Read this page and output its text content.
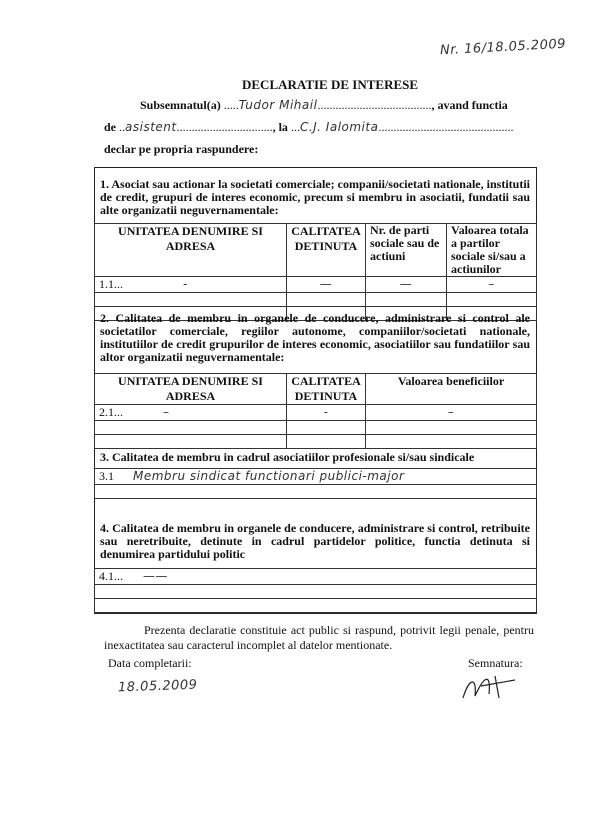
Nr. 16/18.05.2009
DECLARATIE DE INTERESE
Subsemnatul(a) .....Tudor Mihail......................................, avand functia
de ..asistent................................, la ...C.J. Ialomita.............................................
declar pe propria raspundere:
1. Asociat sau actionar la societati comerciale; companii/societati nationale, institutii de credit, grupuri de interes economic, precum si membru in asociatii, fundatii sau alte organizatii neguvernamentale:
UNITATEA DENUMIRE SI ADRESA	CALITATEA DETINUTA	Nr. de parti sociale sau de actiuni	Valoarea totala a partilor sociale si/sau a actiunilor
1.1... -	—	—	–

2. Calitatea de membru in organele de conducere, administrare si control ale societatilor comerciale, regiilor autonome, companiilor/societati nationale, institutiilor de credit grupurilor de interes economic, asociatiilor sau fundatiilor sau altor organizatii neguvernamentale:
UNITATEA DENUMIRE SI ADRESA	CALITATEA DETINUTA	Valoarea beneficiilor
2.1... –	-	–

3. Calitatea de membru in cadrul asociatiilor profesionale si/sau sindicale
3.1 Membru sindicat functionari publici-major

4. Calitatea de membru in organele de conducere, administrare si control, retribuite sau neretribuite, detinute in cadrul partidelor politice, functia detinuta si denumirea partidului politic
4.1... ——

Prezenta declaratie constituie act public si raspund, potrivit legii penale, pentru inexactitatea sau caracterul incomplet al datelor mentionate.
Data completarii:	Semnatura:
18.05.2009
